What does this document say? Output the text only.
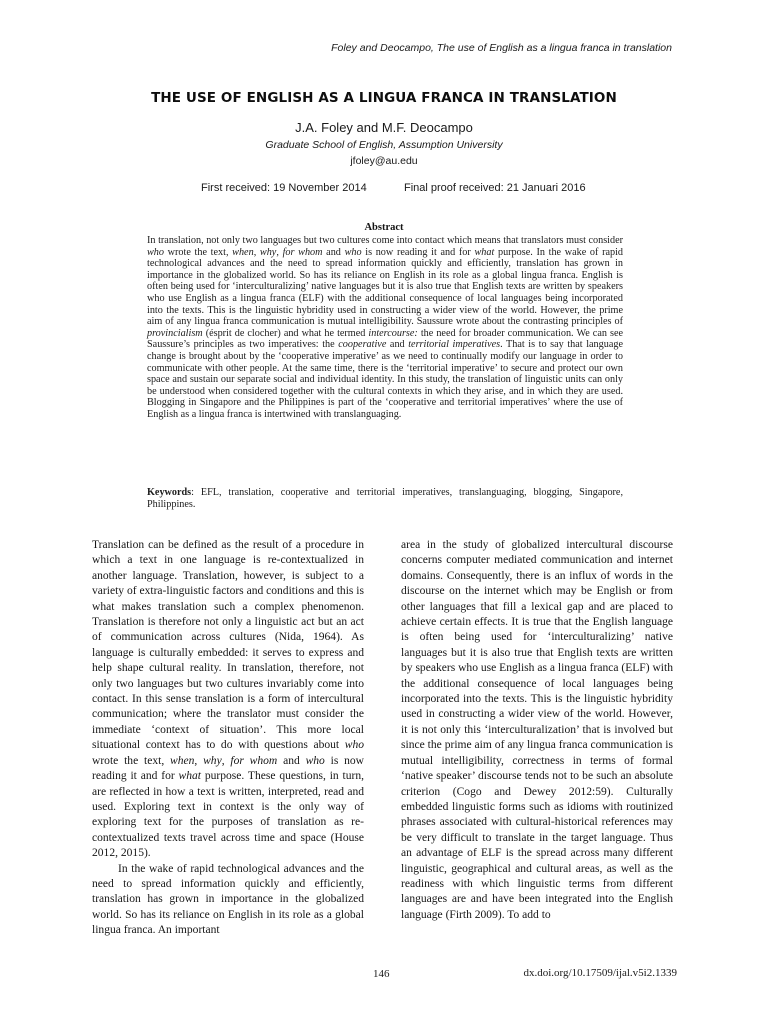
Foley and Deocampo, The use of English as a lingua franca in translation
THE USE OF ENGLISH AS A LINGUA FRANCA IN TRANSLATION
J.A. Foley and M.F. Deocampo
Graduate School of English, Assumption University
jfoley@au.edu
First received: 19 November 2014	Final proof received: 21 Januari 2016
Abstract
In translation, not only two languages but two cultures come into contact which means that translators must consider who wrote the text, when, why, for whom and who is now reading it and for what purpose. In the wake of rapid technological advances and the need to spread information quickly and efficiently, translation has grown in importance in the globalized world. So has its reliance on English in its role as a global lingua franca. English is often being used for ‘interculturalizing’ native languages but it is also true that English texts are written by speakers who use English as a lingua franca (ELF) with the additional consequence of local languages being incorporated into the texts. This is the linguistic hybridity used in constructing a wider view of the world. However, the prime aim of any lingua franca communication is mutual intelligibility. Saussure wrote about the contrasting principles of provincialism (ésprit de clocher) and what he termed intercourse: the need for broader communication. We can see Saussure’s principles as two imperatives: the cooperative and territorial imperatives. That is to say that language change is brought about by the ‘cooperative imperative’ as we need to continually modify our language in order to communicate with other people. At the same time, there is the ‘territorial imperative’ to secure and protect our own space and sustain our separate social and individual identity. In this study, the translation of linguistic units can only be understood when considered together with the cultural contexts in which they arise, and in which they are used. Blogging in Singapore and the Philippines is part of the ‘cooperative and territorial imperatives’ where the use of English as a lingua franca is intertwined with translanguaging.
Keywords: EFL, translation, cooperative and territorial imperatives, translanguaging, blogging, Singapore, Philippines.

Translation can be defined as the result of a procedure in which a text in one language is re-contextualized in another language. Translation, however, is subject to a variety of extra-linguistic factors and conditions and this is what makes translation such a complex phenomenon. Translation is therefore not only a linguistic act but an act of communication across cultures (Nida, 1964). As language is culturally embedded: it serves to express and help shape cultural reality. In translation, therefore, not only two languages but two cultures invariably come into contact. In this sense translation is a form of intercultural communication; where the translator must consider the immediate ‘context of situation’. This more local situational context has to do with questions about who wrote the text, when, why, for whom and who is now reading it and for what purpose. These questions, in turn, are reflected in how a text is written, interpreted, read and used. Exploring text in context is the only way of exploring text for the purposes of translation as re-contextualized texts travel across time and space (House 2012, 2015).

In the wake of rapid technological advances and the need to spread information quickly and efficiently, translation has grown in importance in the globalized world. So has its reliance on English in its role as a global lingua franca. An important

area in the study of globalized intercultural discourse concerns computer mediated communication and internet domains. Consequently, there is an influx of words in the discourse on the internet which may be English or from other languages that fill a lexical gap and are placed to achieve certain effects. It is true that the English language is often being used for ‘interculturalizing’ native languages but it is also true that English texts are written by speakers who use English as a lingua franca (ELF) with the additional consequence of local languages being incorporated into the texts. This is the linguistic hybridity used in constructing a wider view of the world. However, it is not only this ‘interculturalization’ that is involved but since the prime aim of any lingua franca communication is mutual intelligibility, correctness in terms of formal ‘native speaker’ discourse tends not to be such an absolute criterion (Cogo and Dewey 2012:59). Culturally embedded linguistic forms such as idioms with routinized phrases associated with cultural-historical references may be very difficult to translate in the target language. Thus an advantage of ELF is the spread across many different linguistic, geographical and cultural areas, as well as the readiness with which linguistic terms from different languages are and have been integrated into the English language (Firth 2009). To add to

146	dx.doi.org/10.17509/ijal.v5i2.1339
